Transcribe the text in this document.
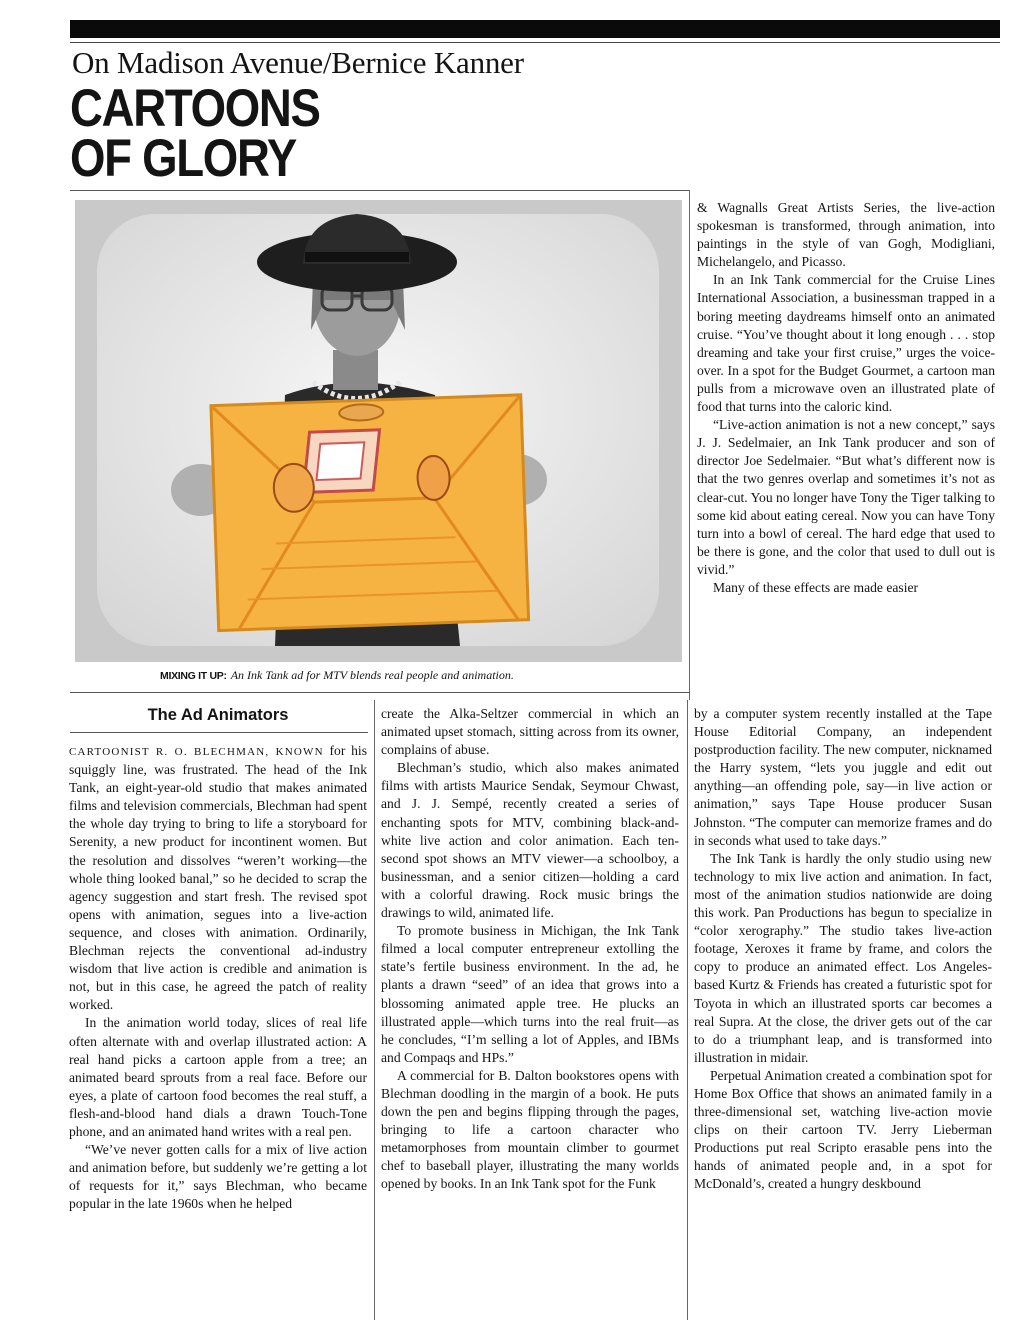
On Madison Avenue/Bernice Kanner
CARTOONS
OF GLORY
MIXING IT UP: An Ink Tank ad for MTV blends real people and animation.

& Wagnalls Great Artists Series, the live-action spokesman is transformed, through animation, into paintings in the style of van Gogh, Modigliani, Michelangelo, and Picasso.

In an Ink Tank commercial for the Cruise Lines International Association, a businessman trapped in a boring meeting daydreams himself onto an animated cruise. “You’ve thought about it long enough . . . stop dreaming and take your first cruise,” urges the voice-over. In a spot for the Budget Gourmet, a cartoon man pulls from a microwave oven an illustrated plate of food that turns into the caloric kind.

“Live-action animation is not a new concept,” says J. J. Sedelmaier, an Ink Tank producer and son of director Joe Sedelmaier. “But what’s different now is that the two genres overlap and sometimes it’s not as clear-cut. You no longer have Tony the Tiger talking to some kid about eating cereal. Now you can have Tony turn into a bowl of cereal. The hard edge that used to be there is gone, and the color that used to dull out is vivid.”

Many of these effects are made easier

The Ad Animators

CARTOONIST R. O. BLECHMAN, KNOWN for his squiggly line, was frustrated. The head of the Ink Tank, an eight-year-old studio that makes animated films and television commercials, Blechman had spent the whole day trying to bring to life a storyboard for Serenity, a new product for incontinent women. But the resolution and dissolves “weren’t working—the whole thing looked banal,” so he decided to scrap the agency suggestion and start fresh. The revised spot opens with animation, segues into a live-action sequence, and closes with animation. Ordinarily, Blechman rejects the conventional ad-industry wisdom that live action is credible and animation is not, but in this case, he agreed the patch of reality worked.

In the animation world today, slices of real life often alternate with and overlap illustrated action: A real hand picks a cartoon apple from a tree; an animated beard sprouts from a real face. Before our eyes, a plate of cartoon food becomes the real stuff, a flesh-and-blood hand dials a drawn Touch-Tone phone, and an animated hand writes with a real pen.

“We’ve never gotten calls for a mix of live action and animation before, but suddenly we’re getting a lot of requests for it,” says Blechman, who became popular in the late 1960s when he helped

create the Alka-Seltzer commercial in which an animated upset stomach, sitting across from its owner, complains of abuse.

Blechman’s studio, which also makes animated films with artists Maurice Sendak, Seymour Chwast, and J. J. Sempé, recently created a series of enchanting spots for MTV, combining black-and-white live action and color animation. Each ten-second spot shows an MTV viewer—a schoolboy, a businessman, and a senior citizen—holding a card with a colorful drawing. Rock music brings the drawings to wild, animated life.

To promote business in Michigan, the Ink Tank filmed a local computer entrepreneur extolling the state’s fertile business environment. In the ad, he plants a drawn “seed” of an idea that grows into a blossoming animated apple tree. He plucks an illustrated apple—which turns into the real fruit—as he concludes, “I’m selling a lot of Apples, and IBMs and Compaqs and HPs.”

A commercial for B. Dalton bookstores opens with Blechman doodling in the margin of a book. He puts down the pen and begins flipping through the pages, bringing to life a cartoon character who metamorphoses from mountain climber to gourmet chef to baseball player, illustrating the many worlds opened by books. In an Ink Tank spot for the Funk

by a computer system recently installed at the Tape House Editorial Company, an independent postproduction facility. The new computer, nicknamed the Harry system, “lets you juggle and edit out anything—an offending pole, say—in live action or animation,” says Tape House producer Susan Johnston. “The computer can memorize frames and do in seconds what used to take days.”

The Ink Tank is hardly the only studio using new technology to mix live action and animation. In fact, most of the animation studios nationwide are doing this work. Pan Productions has begun to specialize in “color xerography.” The studio takes live-action footage, Xeroxes it frame by frame, and colors the copy to produce an animated effect. Los Angeles-based Kurtz & Friends has created a futuristic spot for Toyota in which an illustrated sports car becomes a real Supra. At the close, the driver gets out of the car to do a triumphant leap, and is transformed into illustration in midair.

Perpetual Animation created a combination spot for Home Box Office that shows an animated family in a three-dimensional set, watching live-action movie clips on their cartoon TV. Jerry Lieberman Productions put real Scripto erasable pens into the hands of animated people and, in a spot for McDonald’s, created a hungry deskbound
